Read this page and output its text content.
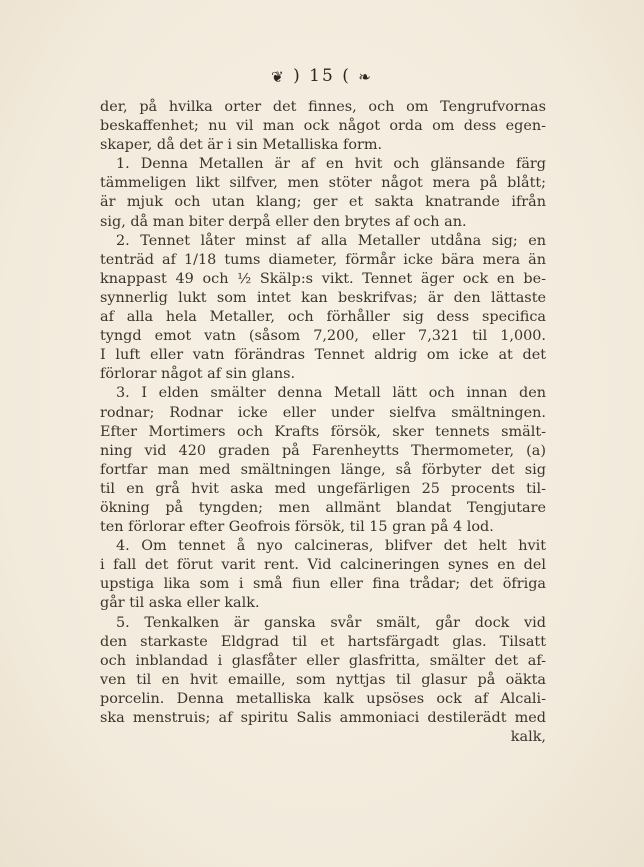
❦ ) 15 ( ❧
der, på hvilka orter det finnes, och om Tengrufvornas
beskaffenhet; nu vil man ock något orda om dess egen-
skaper, då det är i sin Metalliska form.
1. Denna Metallen är af en hvit och glänsande färg
tämmeligen likt silfver, men stöter något mera på blått;
är mjuk och utan klang; ger et sakta knatrande ifrån
sig, då man biter derpå eller den brytes af och an.
2. Tennet låter minst af alla Metaller utdåna sig; en
tenträd af 1/18 tums diameter, förmår icke bära mera än
knappast 49 och ½ Skälp:s vikt. Tennet äger ock en be-
synnerlig lukt som intet kan beskrifvas; är den lättaste
af alla hela Metaller, och förhåller sig dess specifica
tyngd emot vatn (såsom 7,200, eller 7,321 til 1,000.
I luft eller vatn förändras Tennet aldrig om icke at det
förlorar något af sin glans.
3. I elden smälter denna Metall lätt och innan den
rodnar; Rodnar icke eller under sielfva smältningen.
Efter Mortimers och Krafts försök, sker tennets smält-
ning vid 420 graden på Farenheytts Thermometer, (a)
fortfar man med smältningen länge, så förbyter det sig
til en grå hvit aska med ungefärligen 25 procents til-
ökning på tyngden; men allmänt blandat Tengjutare
ten förlorar efter Geofrois försök, til 15 gran på 4 lod.
4. Om tennet å nyo calcineras, blifver det helt hvit
i fall det förut varit rent. Vid calcineringen synes en del
upstiga lika som i små fiun eller fina trådar; det öfriga
går til aska eller kalk.
5. Tenkalken är ganska svår smält, går dock vid
den starkaste Eldgrad til et hartsfärgadt glas. Tilsatt
och inblandad i glasfåter eller glasfritta, smälter det af-
ven til en hvit emaille, som nyttjas til glasur på oäkta
porcelin. Denna metalliska kalk upsöses ock af Alcali-
ska menstruis; af spiritu Salis ammoniaci destilerädt med
kalk,
